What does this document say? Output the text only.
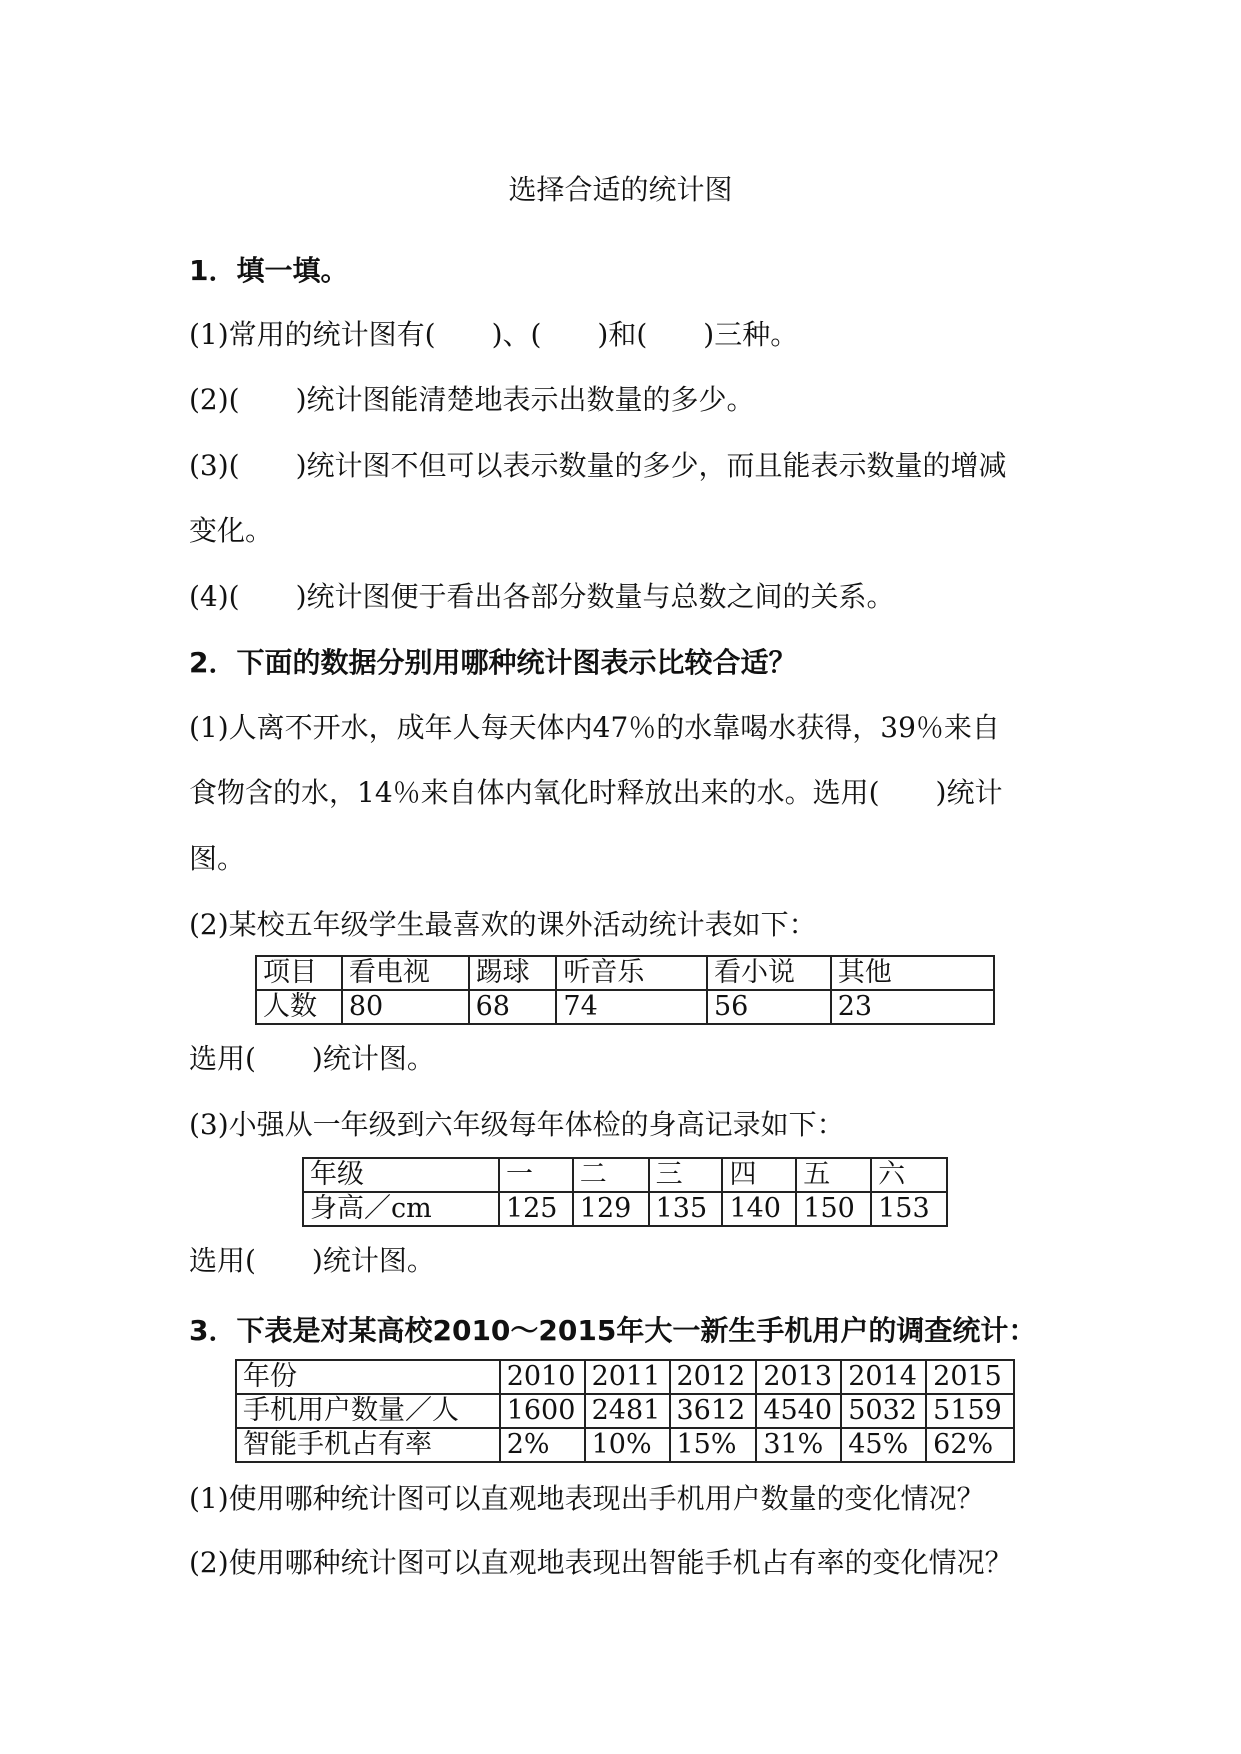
选择合适的统计图
1．填一填。
(1)常用的统计图有(　　)、(　　)和(　　)三种。
(2)(　　)统计图能清楚地表示出数量的多少。
(3)(　　)统计图不但可以表示数量的多少，而且能表示数量的增减
变化。
(4)(　　)统计图便于看出各部分数量与总数之间的关系。
2．下面的数据分别用哪种统计图表示比较合适？
(1)人离不开水，成年人每天体内47％的水靠喝水获得，39％来自
食物含的水，14％来自体内氧化时释放出来的水。选用(　　)统计
图。
(2)某校五年级学生最喜欢的课外活动统计表如下：
项目	看电视	踢球	听音乐	看小说	其他
人数	80	68	74	56	23
选用(　　)统计图。
(3)小强从一年级到六年级每年体检的身高记录如下：
年级	一	二	三	四	五	六
身高／cm	125	129	135	140	150	153
选用(　　)统计图。
3．下表是对某高校2010～2015年大一新生手机用户的调查统计：
年份	2010	2011	2012	2013	2014	2015
手机用户数量／人	1600	2481	3612	4540	5032	5159
智能手机占有率	2%	10%	15%	31%	45%	62%
(1)使用哪种统计图可以直观地表现出手机用户数量的变化情况？
(2)使用哪种统计图可以直观地表现出智能手机占有率的变化情况？
